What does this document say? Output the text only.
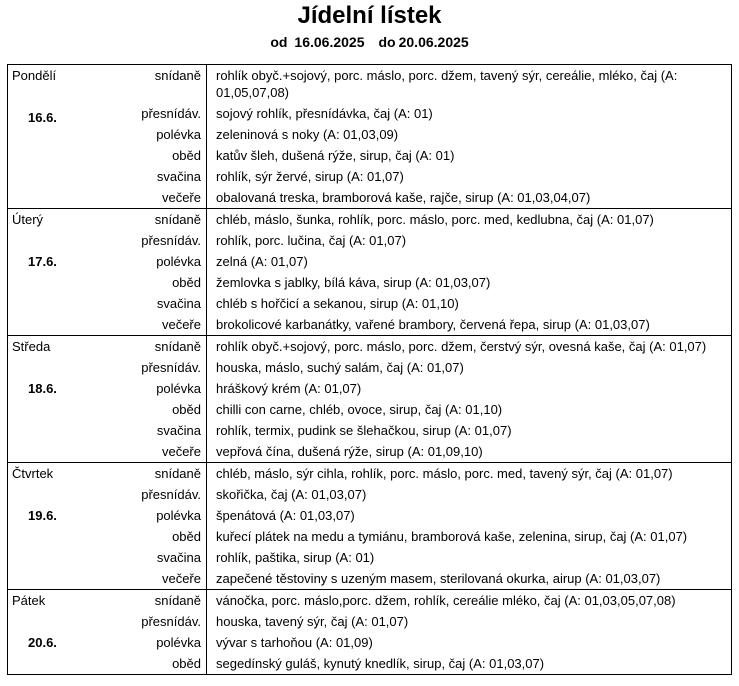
Jídelní lístek
od 16.06.2025 do 20.06.2025
Pondělí
16.6.
snídaně
přesnídáv.
polévka
oběd
svačina
večeře
rohlík obyč.+sojový, porc. máslo, porc. džem, tavený sýr, cereálie, mléko, čaj (A: 01,05,07,08)
sojový rohlík, přesnídávka, čaj (A: 01)
zeleninová s noky (A: 01,03,09)
katův šleh, dušená rýže, sirup, čaj (A: 01)
rohlík, sýr žervé, sirup (A: 01,07)
obalovaná treska, bramborová kaše, rajče, sirup (A: 01,03,04,07)
Úterý
17.6.
snídaně
přesnídáv.
polévka
oběd
svačina
večeře
chléb, máslo, šunka, rohlík, porc. máslo, porc. med, kedlubna, čaj (A: 01,07)
rohlík, porc. lučina, čaj (A: 01,07)
zelná (A: 01,07)
žemlovka s jablky, bílá káva, sirup (A: 01,03,07)
chléb s hořčicí a sekanou, sirup (A: 01,10)
brokolicové karbanátky, vařené brambory, červená řepa, sirup (A: 01,03,07)
Středa
18.6.
snídaně
přesnídáv.
polévka
oběd
svačina
večeře
rohlík obyč.+sojový, porc. máslo, porc. džem, čerstvý sýr, ovesná kaše, čaj (A: 01,07)
houska, máslo, suchý salám, čaj (A: 01,07)
hráškový krém (A: 01,07)
chilli con carne, chléb, ovoce, sirup, čaj (A: 01,10)
rohlík, termix, pudink se šlehačkou, sirup (A: 01,07)
vepřová čína, dušená rýže, sirup (A: 01,09,10)
Čtvrtek
19.6.
snídaně
přesnídáv.
polévka
oběd
svačina
večeře
chléb, máslo, sýr cihla, rohlík, porc. máslo, porc. med, tavený sýr, čaj (A: 01,07)
skořička, čaj (A: 01,03,07)
špenátová (A: 01,03,07)
kuřecí plátek na medu a tymiánu, bramborová kaše, zelenina, sirup, čaj (A: 01,07)
rohlík, paštika, sirup (A: 01)
zapečené těstoviny s uzeným masem, sterilovaná okurka, airup (A: 01,03,07)
Pátek
20.6.
snídaně
přesnídáv.
polévka
oběd
vánočka, porc. máslo,porc. džem, rohlík, cereálie mléko, čaj (A: 01,03,05,07,08)
houska, tavený sýr, čaj (A: 01,07)
vývar s tarhoňou (A: 01,09)
segedínský guláš, kynutý knedlík, sirup, čaj (A: 01,03,07)
